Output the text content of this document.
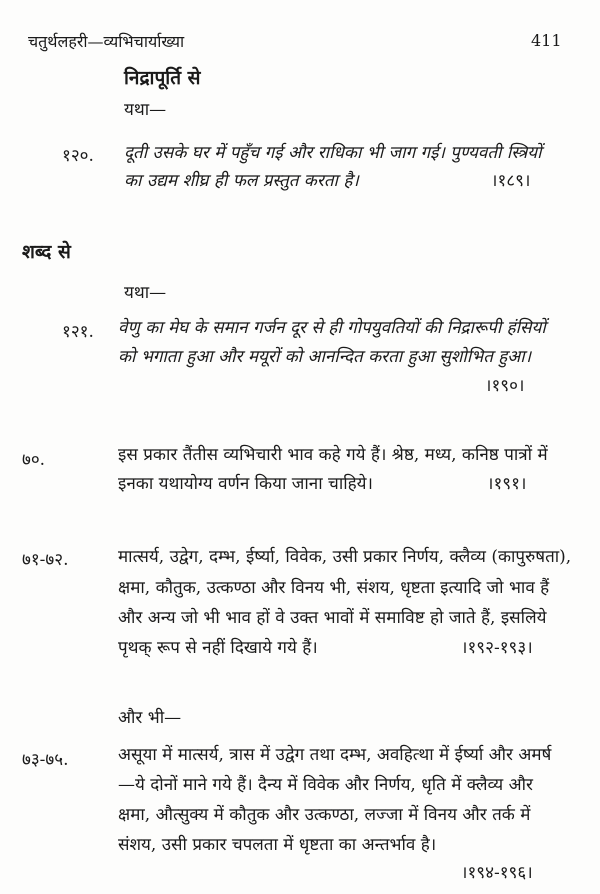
चतुर्थलहरी—व्यभिचार्याख्या	411
निद्रापूर्ति से
यथा—
१२०. दूती उसके घर में पहुँच गई और राधिका भी जाग गई। पुण्यवती स्त्रियों
का उद्यम शीघ्र ही फल प्रस्तुत करता है।	।१८९।
शब्द से
यथा—
१२१. वेणु का मेघ के समान गर्जन दूर से ही गोपयुवतियों की निद्रारूपी हंसियों
को भगाता हुआ और मयूरों को आनन्दित करता हुआ सुशोभित हुआ।
।१९०।
७०.	इस प्रकार तैंतीस व्यभिचारी भाव कहे गये हैं। श्रेष्ठ, मध्य, कनिष्ठ पात्रों में
इनका यथायोग्य वर्णन किया जाना चाहिये।	।१९१।
७१-७२.	मात्सर्य, उद्वेग, दम्भ, ईर्ष्या, विवेक, उसी प्रकार निर्णय, क्लैव्य (कापुरुषता),
क्षमा, कौतुक, उत्कण्ठा और विनय भी, संशय, धृष्टता इत्यादि जो भाव हैं
और अन्य जो भी भाव हों वे उक्त भावों में समाविष्ट हो जाते हैं, इसलिये
पृथक् रूप से नहीं दिखाये गये हैं।	।१९२-१९३।
और भी—
७३-७५.	असूया में मात्सर्य, त्रास में उद्वेग तथा दम्भ, अवहित्था में ईर्ष्या और अमर्ष
—ये दोनों माने गये हैं। दैन्य में विवेक और निर्णय, धृति में क्लैव्य और
क्षमा, औत्सुक्य में कौतुक और उत्कण्ठा, लज्जा में विनय और तर्क में
संशय, उसी प्रकार चपलता में धृष्टता का अन्तर्भाव है।
।१९४-१९६।
